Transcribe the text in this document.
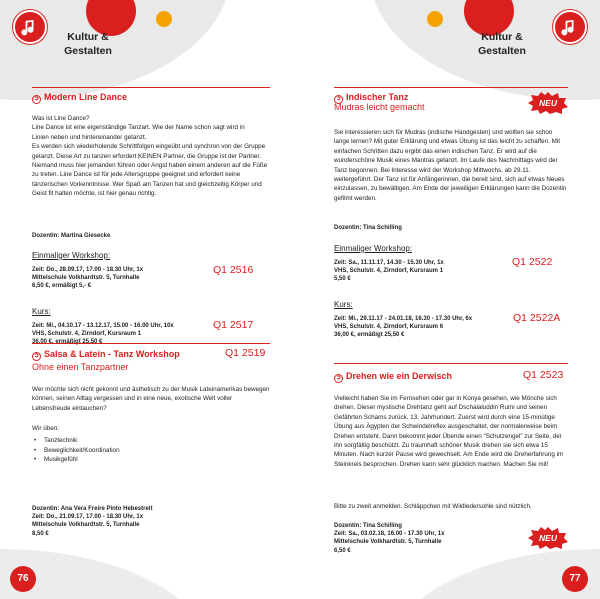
Kultur &
Gestalten
➲ Modern Line Dance

Was ist Line Dance?

Line Dance ist eine eigenständige Tanzart. Wie der Name schon sagt wird in

Linien neben und hintereinander getanzt.

Es werden sich wiederholende Schrittfolgen eingeübt und synchron von der Gruppe getanzt. Diese Art zu tanzen erfordert KEINEN Partner, die Gruppe ist der Partner. Niemand muss hier jemanden führen oder Angst haben einem anderen auf die Füße zu treten. Line Dance ist für jede Altersgruppe geeignet und erfordert keine tänzerischen Vorkenntnisse. Wer Spaß am Tanzen hat und gleichzeitig Körper und Geist fit halten möchte, ist hier genau richtig.

Dozentin: Martina Giesecke
Einmaliger Workshop:
Zeit: Do., 28.09.17, 17.00 - 18.30 Uhr, 1x
Mittelschule Volkhardtstr. 5, Turnhalle
6,50 €, ermäßigt 5,- €
Q1 2516
Kurs:
Zeit: Mi., 04.10.17 - 13.12.17, 15.00 - 16.00 Uhr, 10x
VHS, Schulstr. 4, Zirndorf, Kursraum 1
Q1 2517
➲ Salsa & Latein - Tanz Workshop	Q1 2519
Ohne einen Tanzpartner
Wer möchte sich nicht gekonnt und ästhetisch zu der Musik Lateinamerikas bewegen können, seinen Alltag vergessen und in eine neue, exotische Welt voller Lebensfreude eintauchen?
Wir üben:
• Tanztechnik
• Beweglichkeit/Koordination
• Musikgefühl
Dozentin: Ana Vera Freire Pinto Hebestreit
Zeit: Do., 21.09.17, 17.00 - 18.30 Uhr, 1x
Mittelschule Volkhardtstr. 5, Turnhalle
8,50 €
76
Kultur &
Gestalten
➲ Indischer Tanz
Mudras leicht gemacht	NEU
Sie interessieren sich für Mudras (indische Handgesten) und wollten sie schon lange lernen? Mit guter Erklärung und etwas Übung ist das leicht zu schaffen. Mit einfachen Schritten dazu ergibt das einen indischen Tanz. Er wird auf die wunderschöne Musik eines Mantras getanzt. Im Laufe des Nachmittags wird der Tanz begonnen. Bei Interesse wird der Workshop Mittwochs, ab 29.11. weitergeführt. Der Tanz ist für Anfängerinnen, die bereit sind, sich auf etwas Neues einzulassen, zu bewältigen. Am Ende der jeweiligen Erklärungen kann die Dozentin gefilmt werden.
Dozentin: Tina Schilling
Einmaliger Workshop:
Zeit: Sa., 11.11.17, 14.30 - 15.30 Uhr, 1x
VHS, Schulstr. 4, Zirndorf, Kursraum 1
5,50 €
Q1 2522
Kurs:
Zeit: Mi., 29.11.17 - 24.01.18, 16.30 - 17.30 Uhr, 6x
VHS, Schulstr. 4, Zirndorf, Kursraum 6
36,00 €, ermäßigt 25,50 €
Q1 2522A
➲ Drehen wie ein Derwisch	Q1 2523
Vielleicht haben Sie im Fernsehen oder gar in Konya gesehen, wie Mönche sich drehen. Dieser mystische Drehtanz geht auf Dschalaluddin Rumi und seinen Gefährten Schams zurück. 13. Jahrhundert. Zuerst wird durch eine 15-minütige Übung aus Ägypten der Schwindelreflex ausgeschaltet, der normalerweise beim Drehen entsteht. Dann bekommt jeder Übende einen "Schutzengel" zur Seite, der ihn sorgfältig beschützt. Zu traumhaft schöner Musik drehen sie sich etwa 15 Minuten. Nach kurzer Pause wird gewechselt. Am Ende wird die Dreherfahrung im Steinkreis besprochen. Drehen kann sehr glücklich machen. Machen Sie mit!
Bitte zu zweit anmelden. Schläppchen mit Wildledersohle sind nützlich.
Dozentin: Tina Schilling
Zeit: Sa., 03.02.18, 16.00 - 17.30 Uhr, 1x
Mittelschule Volkhardtstr. 5, Turnhalle
6,50 €
NEU
77
